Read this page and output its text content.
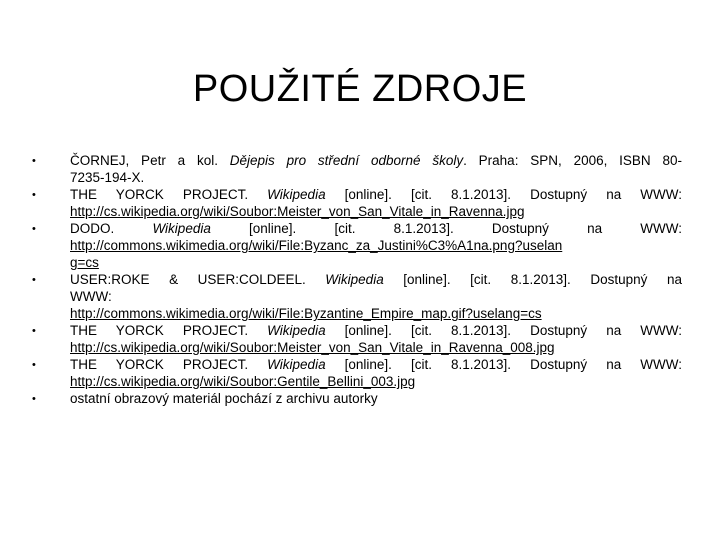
POUŽITÉ ZDROJE
•	ČORNEJ, Petr a kol. Dějepis pro střední odborné školy. Praha: SPN, 2006, ISBN 80-
7235-194-X.
•	THE YORCK PROJECT. Wikipedia [online]. [cit. 8.1.2013]. Dostupný na WWW:
http://cs.wikipedia.org/wiki/Soubor:Meister_von_San_Vitale_in_Ravenna.jpg
•	DODO. Wikipedia [online]. [cit. 8.1.2013]. Dostupný na WWW:
http://commons.wikimedia.org/wiki/File:Byzanc_za_Justini%C3%A1na.png?uselan
g=cs
•	USER:ROKE & USER:COLDEEL. Wikipedia [online]. [cit. 8.1.2013]. Dostupný na
WWW:
http://commons.wikimedia.org/wiki/File:Byzantine_Empire_map.gif?uselang=cs
•	THE YORCK PROJECT. Wikipedia [online]. [cit. 8.1.2013]. Dostupný na WWW:
http://cs.wikipedia.org/wiki/Soubor:Meister_von_San_Vitale_in_Ravenna_008.jpg
•	THE YORCK PROJECT. Wikipedia [online]. [cit. 8.1.2013]. Dostupný na WWW:
http://cs.wikipedia.org/wiki/Soubor:Gentile_Bellini_003.jpg
•	ostatní obrazový materiál pochází z archivu autorky
